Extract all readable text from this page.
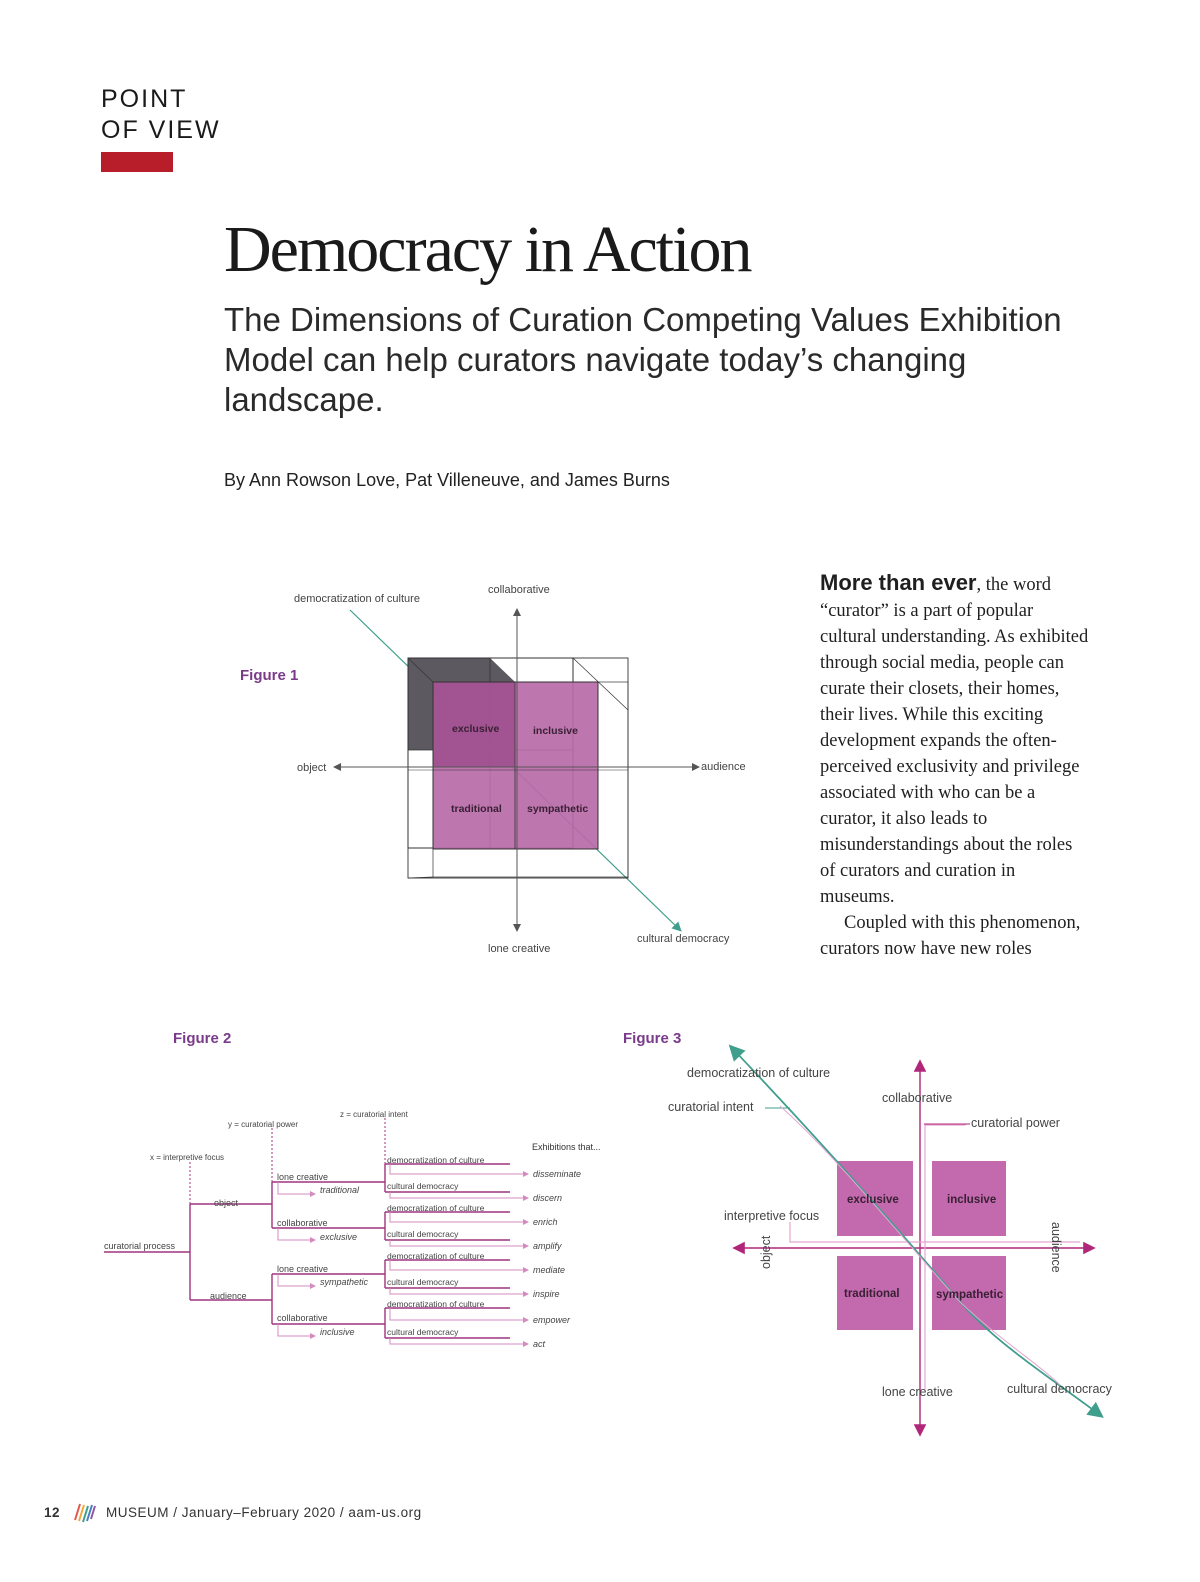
POINT
OF VIEW
Democracy in Action
The Dimensions of Curation Competing Values Exhibition Model can help curators navigate today’s changing landscape.
By Ann Rowson Love, Pat Villeneuve, and James Burns
Figure 1
collaborative
lone creative
object	audience
democratization of culture
cultural democracy
exclusive	inclusive
traditional sympathetic

More than ever, the word “curator” is a part of popular cultural understanding. As exhibited through social media, people can curate their closets, their homes, their lives. While this exciting development expands the often-perceived exclusivity and privilege associated with who can be a curator, it also leads to misunderstandings about the roles of curators and curation in museums.

Coupled with this phenomenon, curators now have new roles

Figure 2
x = interpretive focus
y = curatorial power
z = curatorial intent
curatorial process
Exhibitions that...
object
audience
lone creative
traditional
collaborative
exclusive
lone creative
sympathetic
collaborative
inclusive
democratization of culture
cultural democracy
democratization of culture
cultural democracy
democratization of culture
cultural democracy
democratization of culture
cultural democracy
disseminate
discern
enrich
amplify
mediate
inspire
empower
act
Figure 3
democratization of culture
curatorial intent
collaborative
curatorial power
interpretive focus
object	audience
lone creative	cultural democracy
exclusive	inclusive
traditional	sympathetic
12	MUSEUM / January–February 2020 / aam-us.org
